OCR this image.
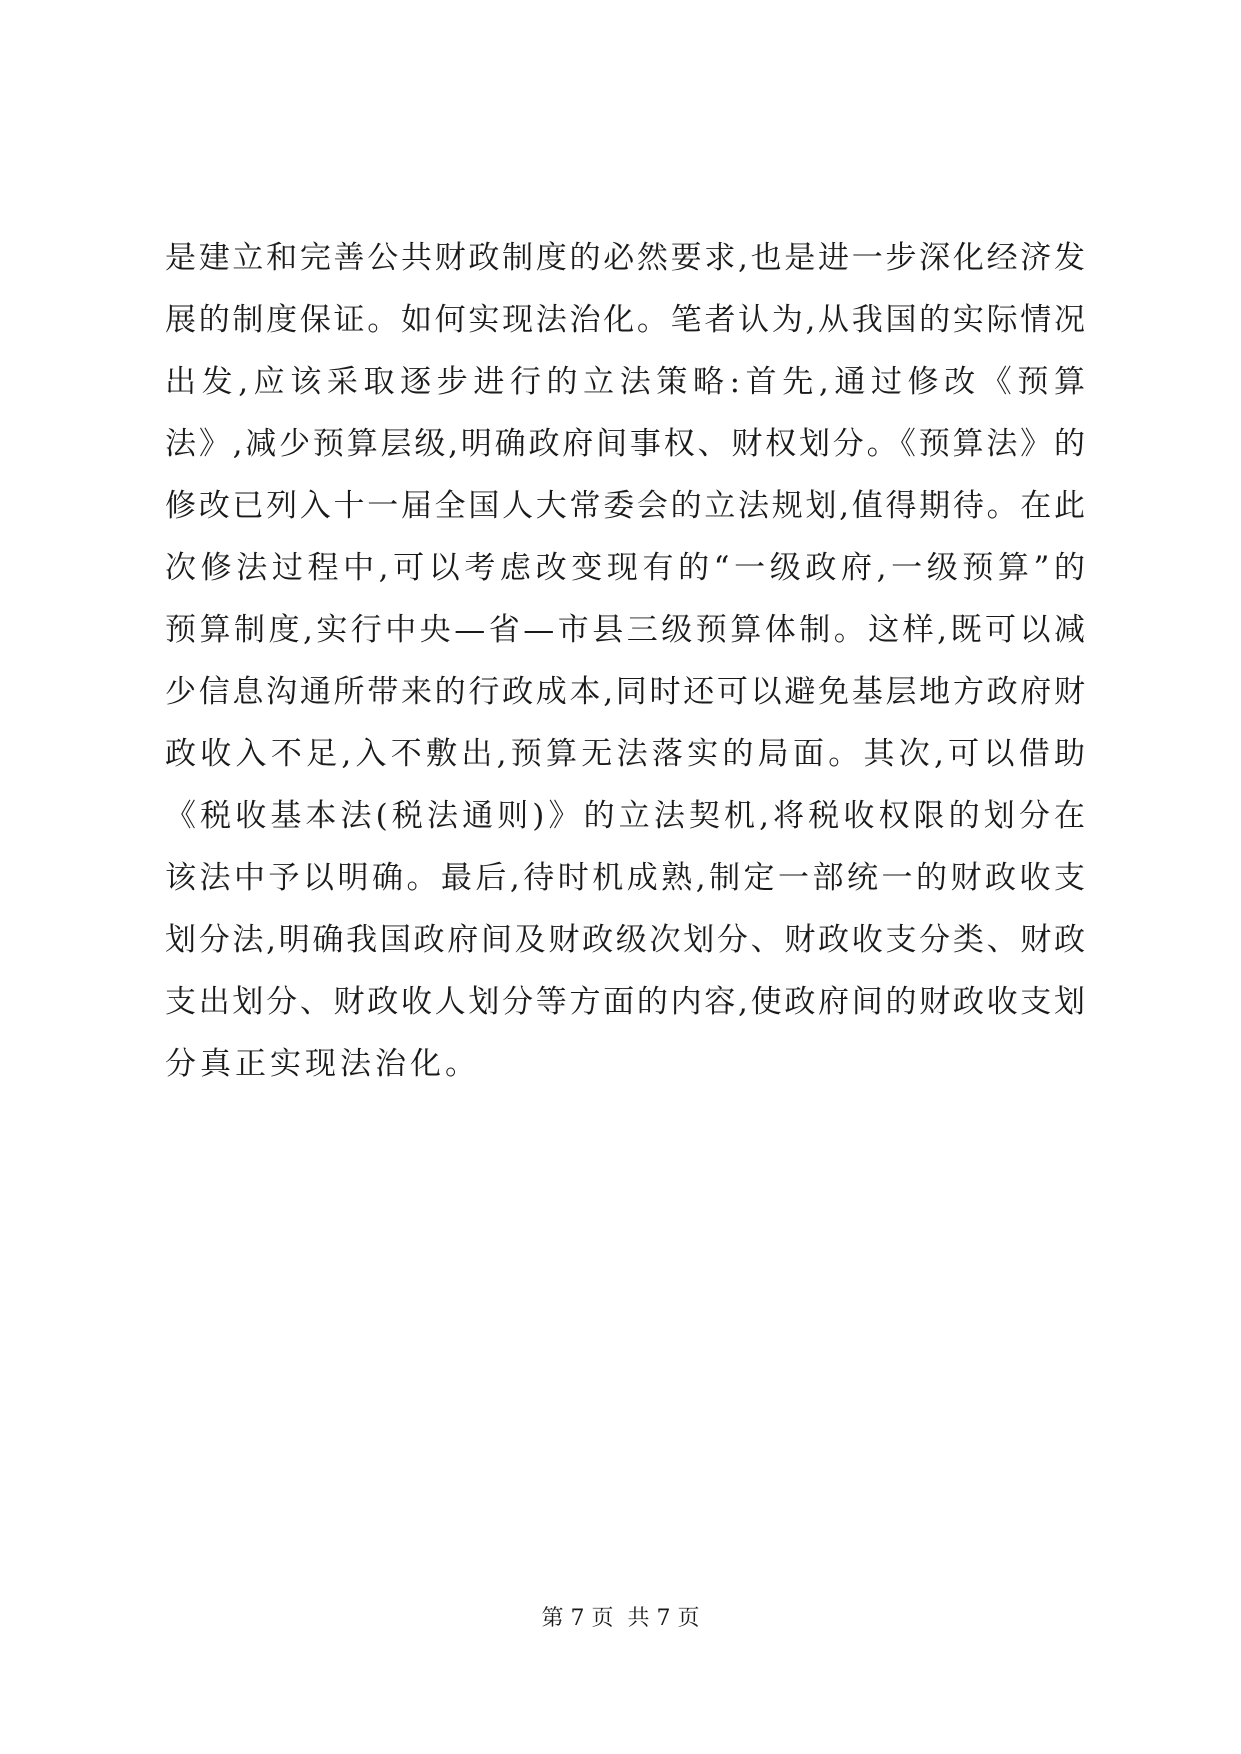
是建立和完善公共财政制度的必然要求,也是进一步深化经济发
展的制度保证。如何实现法治化。笔者认为,从我国的实际情况
出发,应该采取逐步进行的立法策略:首先,通过修改《预算
法》,减少预算层级,明确政府间事权、财权划分。《预算法》的
修改已列入十一届全国人大常委会的立法规划,值得期待。在此
次修法过程中,可以考虑改变现有的“一级政府,一级预算”的
预算制度,实行中央—省—市县三级预算体制。这样,既可以减
少信息沟通所带来的行政成本,同时还可以避免基层地方政府财
政收入不足,入不敷出,预算无法落实的局面。其次,可以借助
《税收基本法(税法通则)》的立法契机,将税收权限的划分在
该法中予以明确。最后,待时机成熟,制定一部统一的财政收支
划分法,明确我国政府间及财政级次划分、财政收支分类、财政
支出划分、财政收人划分等方面的内容,使政府间的财政收支划
分真正实现法治化。
第 7 页  共 7 页
